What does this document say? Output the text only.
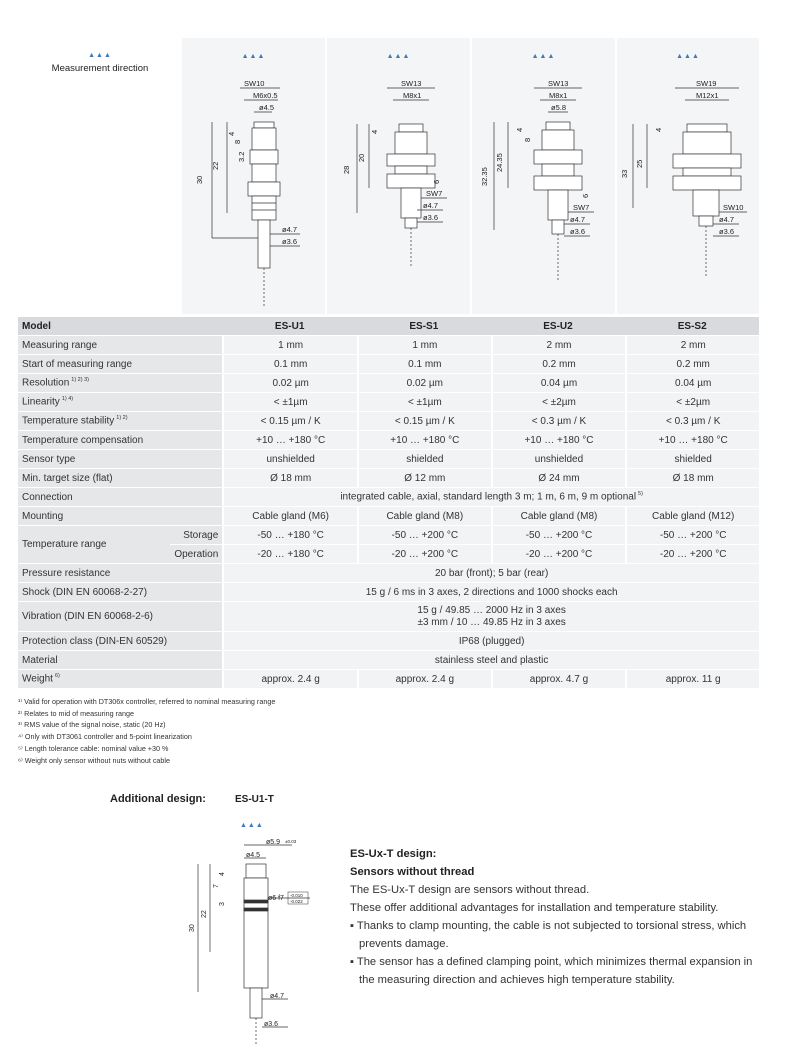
▲▲▲
Measurement direction
▲▲▲
SW10
M6x0.5
ø4.5
30
22
4
8
3.2
ø4.7
ø3.6
▲▲▲
SW13
M8x1
28
20
4
6
SW7
ø4.7
ø3.6
▲▲▲
SW13
M8x1
ø5.8
32.35
24.35
4
8
6
SW7
ø4.7
ø3.6
▲▲▲
SW19
M12x1
33
25
4
SW10
ø4.7
ø3.6
Model		ES-U1	ES-S1	ES-U2	ES-S2
Measuring range		1 mm	1 mm	2 mm	2 mm
Start of measuring range		0.1 mm	0.1 mm	0.2 mm	0.2 mm
Resolution $^{1) 2) 3)}$		0.02 µm	0.02 µm	0.04 µm	0.04 µm
Linearity $^{1) 4)}$		< ±1µm	< ±1µm	< ±2µm	< ±2µm
Temperature stability $^{1) 2)}$		< 0.15 µm / K	< 0.15 µm / K	< 0.3 µm / K	< 0.3 µm / K
Temperature compensation		+10 … +180 °C	+10 … +180 °C	+10 … +180 °C	+10 … +180 °C
Sensor type		unshielded	shielded	unshielded	shielded
Min. target size (flat)		Ø 18 mm	Ø 12 mm	Ø 24 mm	Ø 18 mm
Connection		integrated cable, axial, standard length 3 m; 1 m, 6 m, 9 m optional $^{5)}$
Mounting		Cable gland (M6)	Cable gland (M8)	Cable gland (M8)	Cable gland (M12)
Temperature range	Storage	-50 … +180 °C	-50 … +200 °C	-50 … +200 °C	-50 … +200 °C
	Operation	-20 … +180 °C	-20 … +200 °C	-20 … +200 °C	-20 … +200 °C
Pressure resistance		20 bar (front); 5 bar (rear)			
Shock (DIN EN 60068-2-27)		15 g / 6 ms in 3 axes, 2 directions and 1000 shocks each			
Vibration (DIN EN 60068-2-6)		15 g / 49.85 … 2000 Hz in 3 axes
±3 mm / 10 … 49.85 Hz in 3 axes			

Protection class (DIN-EN 60529)		IP68 (plugged)			
Material		stainless steel and plastic			
Weight $^{6)}$		approx. 2.4 g	approx. 2.4 g	approx. 4.7 g	approx. 11 g
¹⁾ Valid for operation with DT306x controller, referred to nominal measuring range
²⁾ Relates to mid of measuring range
³⁾ RMS value of the signal noise, static (20 Hz)
⁴⁾ Only with DT3061 controller and 5-point linearization
⁵⁾ Length tolerance cable: nominal value +30 %
⁶⁾ Weight only sensor without nuts without cable
Additional design:	ES-U1-T
▲▲▲
ø5.9 ±0.03
ø4.5
ø6 f7 -0.010
-0.022
30
22
4
7
3
ø4.7
ø3.6
ES-Ux-T design:
Sensors without thread
The ES-Ux-T design are sensors without thread.
These offer additional advantages for installation and temperature stability.
▪ Thanks to clamp mounting, the cable is not subjected to torsional stress, which prevents damage.
▪ The sensor has a defined clamping point, which minimizes thermal expansion in the measuring direction and achieves high temperature stability.
